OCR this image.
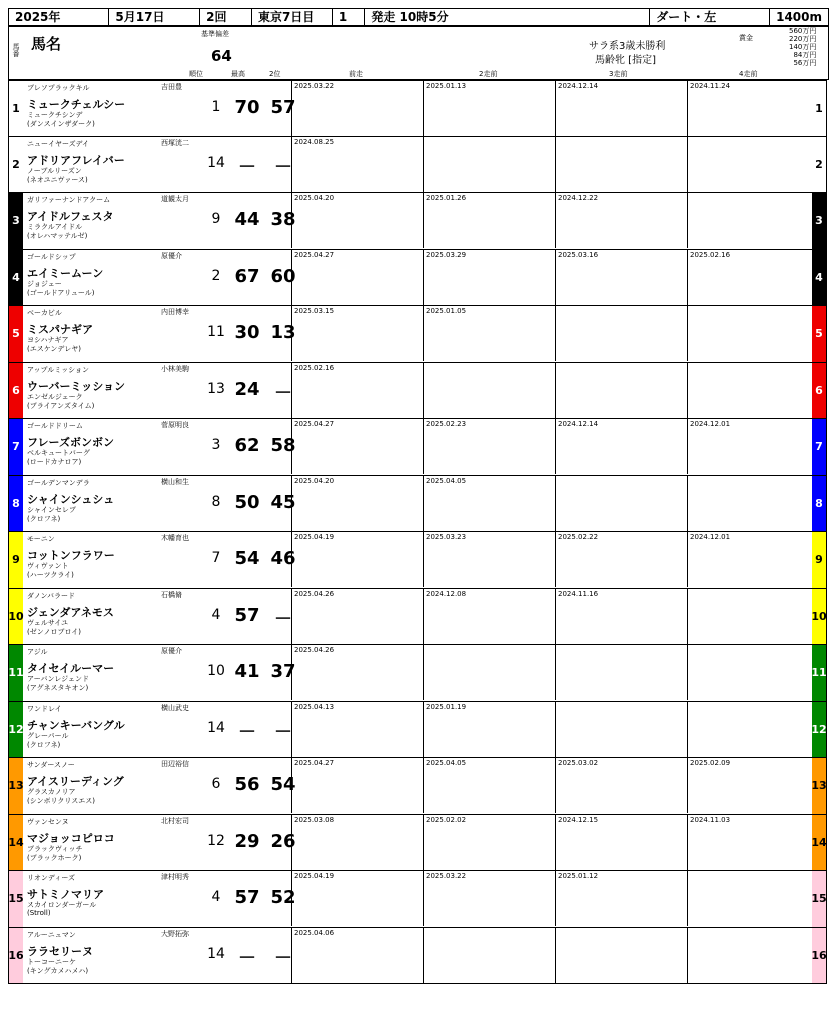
2025年	5月17日	2回	東京7日目	1	発走 10時5分	ダート・左	1400m
馬番 馬名
基準偏差
64
順位	最高	2位	前走	2走前	3走前	4走前
サラ系3歳未勝利
馬齢牝 [指定]
賞金
560万円
220万円
140万円
84万円
56万円
1
ブレソプラックキル
ミュークチェルシー
ミュークチシンデ
(ダンスインザダーク)
吉田豊
1 70 57
2025.03.22	2025.01.13	2024.12.14	2024.11.24
1
2
ニューイヤーズデイ
アドリアフレイバー
ノーブルリーズン
(ネオユニヴァース)
西塚洸二
14 －	－
2024.08.25
2
3
ガリファーナンドアクーム
アイドルフェスタ
ミラクルアイドル
(オレハマッテルゼ)
道観太月
9 44 38
2025.04.20	2025.01.26	2024.12.22
3
4
ゴールドシップ
エイミームーン
ジョジェー
(ゴールドアリュール)
原優介
2 67 60
2025.04.27	2025.03.29	2025.03.16	2025.02.16
4
5
ベーカビル
ミスパナギア
ヨシハナギア
(エスケンデレヤ)
内田博幸
11 30 13
2025.03.15	2025.01.05
5
6
アップルミッション
ウーバーミッション
エンゼルジェーク
(ブライアンズタイム)
小林美駒
13 24 －
2025.02.16
6
7
ゴールドドリーム
フレーズボンボン
ベルキュートバーグ
(ロードカナロア)
菅原明良
3 62 58
2025.04.27	2025.02.23	2024.12.14	2024.12.01
7
8
ゴールデンマンデラ
シャインシュシュ
シャインセレブ
(クロフネ)
横山和生
8 50 45
2025.04.20	2025.04.05
8
9
モーニン
コットンフラワー
ヴィヴァント
(ハーツクライ)
木幡育也
7 54 46
2025.04.19	2025.03.23	2025.02.22	2024.12.01
9
10
ダノンバラード
ジェンダアネモス
ヴェルサイユ
(ゼンノロブロイ)
石橋脩
4 57 －
2025.04.26	2024.12.08	2024.11.16
10
11
アジル
タイセイルーマー
アーバンレジェンド
(アグネスタキオン)
原優介
10 41 37
2025.04.26
11
12
ワンドレイ
チャンキーバングル
グレーパール
(クロフネ)
横山武史
14 －	－
2025.04.13	2025.01.19
12
13
サンダースノー
アイスリーディング
グラスカノリア
(シンボリクリスエス)
田辺裕信
6 56 54
2025.04.27	2025.04.05	2025.03.02	2025.02.09
13
14
ヴァンセンヌ
マジョッコピロコ
ブラックヴィッチ
(ブラックホーク)
北村宏司
12 29 26
2025.03.08	2025.02.02	2024.12.15	2024.11.03
14
15
リオンディーズ
サトミノマリア
スカイロンダーガール
(Stroll)
津村明秀
4 57 52
2025.04.19	2025.03.22	2025.01.12
15
16
アルーニュマン
ララセリーヌ
トーコーニーケ
(キングカメハメハ)
大野拓弥
14 －	－
2025.04.06
16
